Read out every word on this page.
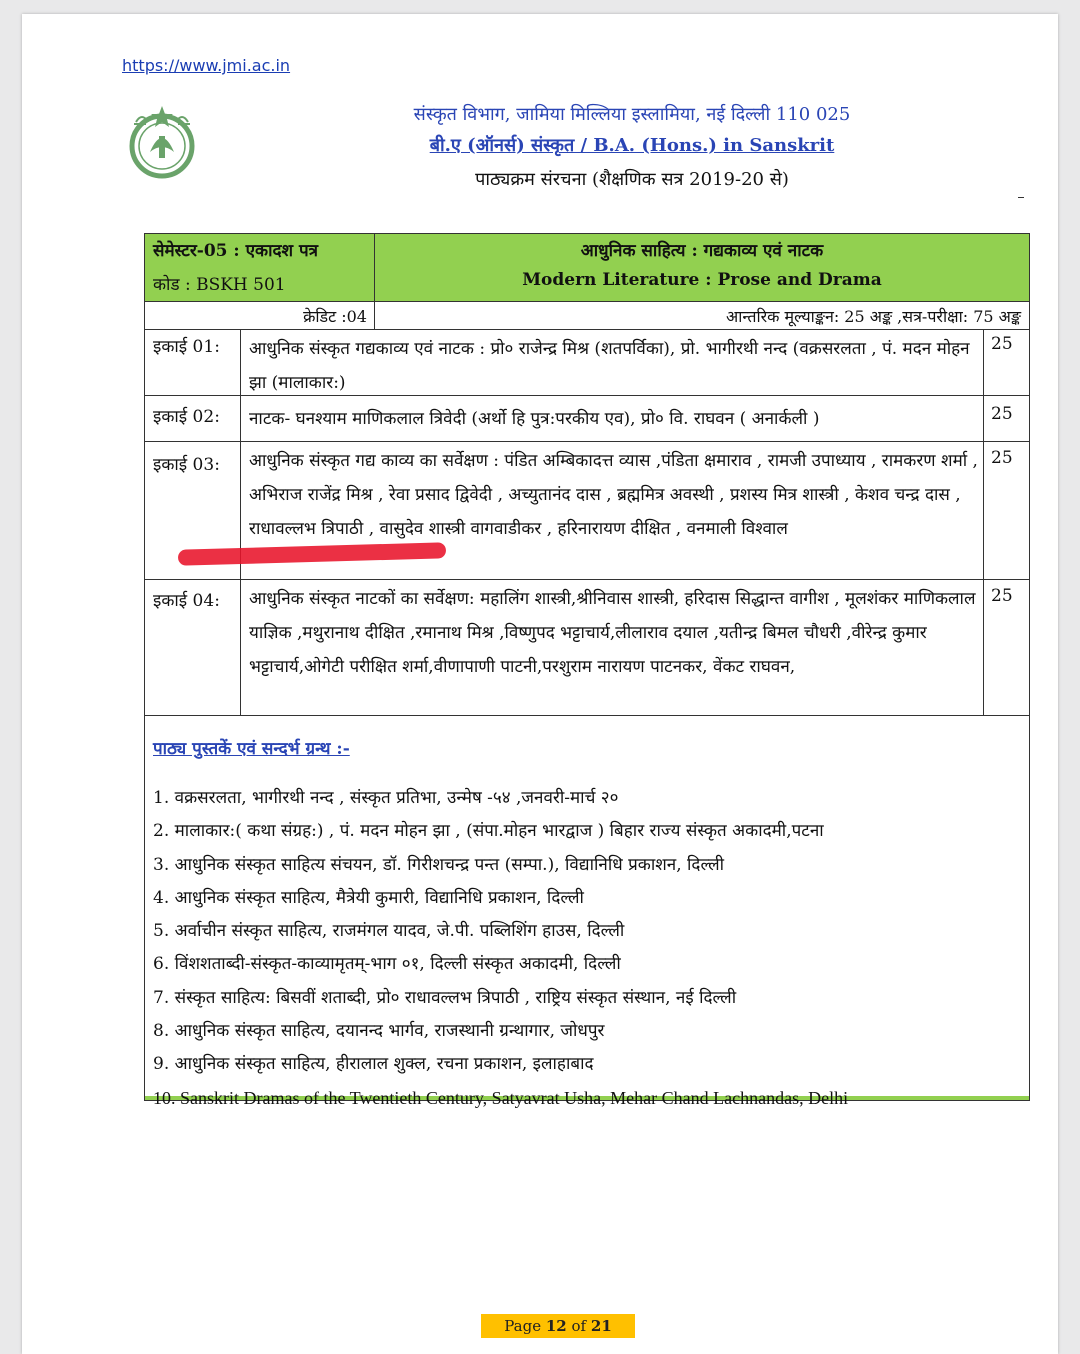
https://www.jmi.ac.in
संस्कृत विभाग, जामिया मिल्लिया इस्लामिया, नई दिल्ली 110 025
बी.ए (ऑनर्स) संस्कृत / B.A. (Hons.) in Sanskrit
पाठ्यक्रम संरचना (शैक्षणिक सत्र 2019-20 से)
सेमेस्टर-05 : एकादश पत्र
कोड : BSKH 501
आधुनिक साहित्य : गद्यकाव्य एवं नाटक
Modern Literature : Prose and Drama
क्रेडिट :04	आन्तरिक मूल्याङ्कन: 25 अङ्क ,सत्र-परीक्षा: 75 अङ्क
इकाई 01: आधुनिक संस्कृत गद्यकाव्य एवं नाटक : प्रो० राजेन्द्र मिश्र (शतपर्विका), प्रो. भागीरथी नन्द (वक्रसरलता , पं. मदन मोहन झा (मालाकार:)
25
इकाई 02: नाटक- घनश्याम माणिकलाल त्रिवेदी (अर्थो हि पुत्र:परकीय एव), प्रो० वि. राघवन ( अनार्कली )	25
इकाई 03: आधुनिक संस्कृत गद्य काव्य का सर्वेक्षण : पंडित अम्बिकादत्त व्यास ,पंडिता क्षमाराव , रामजी उपाध्याय , रामकरण शर्मा , अभिराज राजेंद्र मिश्र , रेवा प्रसाद द्विवेदी , अच्युतानंद दास , ब्रह्ममित्र अवस्थी , प्रशस्य मित्र शास्त्री , केशव चन्द्र दास , राधावल्लभ त्रिपाठी , वासुदेव शास्त्री वागवाडीकर , हरिनारायण दीक्षित , वनमाली विश्वाल
25
इकाई 04: आधुनिक संस्कृत नाटकों का सर्वेक्षण: महालिंग शास्त्री,श्रीनिवास शास्त्री, हरिदास सिद्धान्त वागीश , मूलशंकर माणिकलाल याज्ञिक ,मथुरानाथ दीक्षित ,रमानाथ मिश्र ,विष्णुपद भट्टाचार्य,लीलाराव दयाल ,यतीन्द्र बिमल चौधरी ,वीरेन्द्र कुमार भट्टाचार्य,ओगेटी परीक्षित शर्मा,वीणापाणी पाटनी,परशुराम नारायण पाटनकर, वेंकट राघवन,
25
पाठ्य पुस्तकें एवं सन्दर्भ ग्रन्थ :-
1. वक्रसरलता, भागीरथी नन्द , संस्कृत प्रतिभा, उन्मेष -५४ ,जनवरी-मार्च २०
2. मालाकार:( कथा संग्रह:) , पं. मदन मोहन झा , (संपा.मोहन भारद्वाज ) बिहार राज्य संस्कृत अकादमी,पटना
3. आधुनिक संस्कृत साहित्य संचयन, डॉ. गिरीशचन्द्र पन्त (सम्पा.), विद्यानिधि प्रकाशन, दिल्ली
4. आधुनिक संस्कृत साहित्य, मैत्रेयी कुमारी, विद्यानिधि प्रकाशन, दिल्ली
5. अर्वाचीन संस्कृत साहित्य, राजमंगल यादव, जे.पी. पब्लिशिंग हाउस, दिल्ली
6. विंशशताब्दी-संस्कृत-काव्यामृतम्-भाग ०१, दिल्ली संस्कृत अकादमी, दिल्ली
7. संस्कृत साहित्य: बिसवीं शताब्दी, प्रो० राधावल्लभ त्रिपाठी , राष्ट्रिय संस्कृत संस्थान, नई दिल्ली
8. आधुनिक संस्कृत साहित्य, दयानन्द भार्गव, राजस्थानी ग्रन्थागार, जोधपुर
9. आधुनिक संस्कृत साहित्य, हीरालाल शुक्ल, रचना प्रकाशन, इलाहाबाद
10. Sanskrit Dramas of the Twentieth Century, Satyavrat Usha, Mehar Chand Lachnandas, Delhi
Page 12 of 21
